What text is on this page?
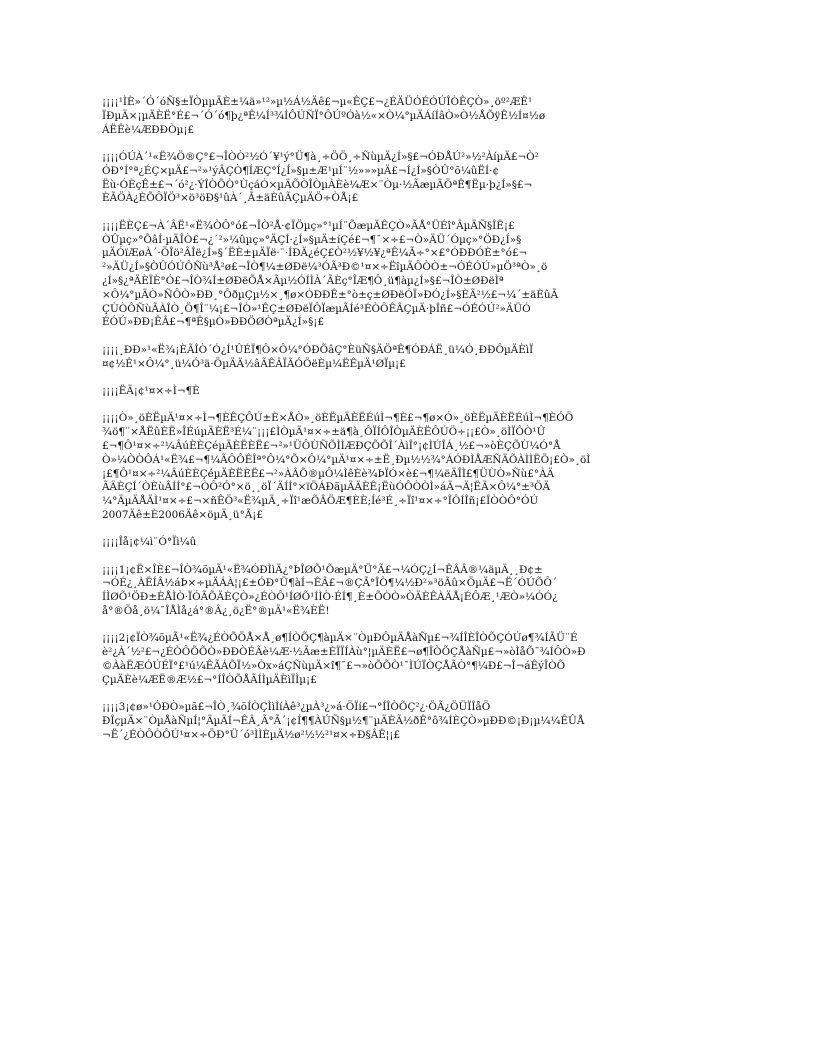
¡¡¡¡¹ÌÈ»´Ó´óÑ§±ÏÒµµÄÈ±¼ä»¹²»µ½Á½Äê£¬µ«ÊÇ£¬¿ÉÄÜÓÉÓÚÎÒÊÇÒ»¸öº²ÆÊ¹
ÏÐµÄ×¡µÄÈË°É£¬´Ó´ó¶þ¿ªÊ¼Í³¾ÍÔÚÑÏ°ÔÚºÓà½«×Ò¼°µÄÁíÍâÒ»Ò½ÅÕÿÊ½Í¤½ø
ÁËÊè¼ÆÐÐÒµ¡£

¡¡¡¡ÓÚÀ´¹«Ë¾Ö®Ç°£¬ÎÒÒ²½Ó´¥¹ý°Ü¶à¸÷ÖÖ¸÷ÑùµÄ¿Í»§£¬ÓÐÅÚ²»½²ÀíµÄ£¬Ò²
ÓÐ°Í°ª¿ÉÇ×µÄ£¬²»¹ýÂÇÒ¶ÍÆÇ°Í¿Í»§µ±Æ¹µÍ¨½»»»µÄ£¬Í¿Í»§ÒÛ°õ¼ûËÍ·¢
Ëù·ÓÈçÊ±£¬´ó²¿·ÝÎÒÕÒ°ÙçáÓ×µÄÕÒÎÒµÀÈè¼Æ×¨Òµ·½ÃæµÄÖªÊ¶Ëµ·þ¿Í»§£¬
ÈÃÖÀ¿ÈÕÔÏÖ³×ö³öÐ§¹ûÀ´¸Ã±äÈûÃÇµÄÖ÷ÒÅ¡£

¡¡¡¡ËÈÇ£¬À´ÂË¹«Ë¾ÒÔ°ó£¬ÎÒ²Å·¢ÏÖµç»°¹µÍ¨ÕæµÄÊÇÒ»ÃÅ°ÜÉî°ÂµÄÑ§ÎÊ¡£
ÒÛµç»°ÕâÍ·µÄÎÒ£¬¿´²»¼ûµç»°ÄÇÍ·¿Í»§µÄ±íÇé£¬¶¯×÷£¬Ò»ÄÜ´Óµç»°ÖÐ¿Í»§
µÄÓïÆøÀ´·ÖÎö²ÂÎë¿Í»§´ËÈ±µÄÏë·¨·ÍÐÄ¿éÇ£Ò²½¥½¥¿ªÊ¼Ã÷°×£°ÓÐÐÓÈ±°ó£¬
²»ÄÜ¿Í»§ÒÛÓÚÔÑù³Å²ø£¬ÎÒ¶¼±ØÐë¼³ÓÃ³Ð©¹¤×÷ËîµÄÔÒÒ±¬ÓÉÓÚ»µÖ³ªÒ»¸ö
¿Í»§¿ªÄÈÏÈ°Ó£¬ÎÒ¾Í±ØÐëÕÅ×Ãµ½ÓÍÌÀ´ÃÈç°ÎÆ¶Ô¸ü¶àµ¿Í»§£¬ÎÒ±ØÐëÌª
×Ô¼°µÄÒ»ÑÔÒ»ÐÐ¸°ÔðµÇµ½×¸¶ø×ÓÐÐÊ±°ò±ç±ØÐëÓÏ»ÐÓ¿Í»§ÈÃ²½£¬¼´±äÈûÃ
ÇÙÒÔÑùÃÀÎÒ¸Ö¶Î¨¼¡£¬ÎÒ»¹ÊÇ±ØÐëÏÔÏæµÃÍé³ÉÒÔÊÂÇµÄ·þÎñ£¬ÓÉÓÚ²»ÄÜÓ
ÉÓÚ»ÐÐ¡ÊÂ£¬¶ªÊ§µÒ»ÐÐÖØÒªµÄ¿Í»§¡£

¡¡¡¡¸ÐÐ»¹«Ë¾¡ÈÃÎÒ´Ó¿Í¹ÛÉÏ¶Ô×Ô¼°ÓÐÕâÇ°ÈüÑ§ÄÖªÊ¶ÓÐÁË¸ü¼Ó¸ÐÐÔµÄÈìÏ
¤¢½Ê¹×Ô¼°¸ü¼Ó³ä·ÖµÄÄ½âÃÊÂÏÃÓÖëÈµ¼ËÊµÄ¹ØÏµ¡£

¡¡¡¡ËÄ¡¢¹¤×÷Ì¬¶È

¡¡¡¡Ò»¸öÈËµÄ¹¤×÷Ì¬¶ÈÊÇÔÚ±È×ÅÒ»¸öÈËµÄÈËÉúÌ¬¶È£¬¶ø×Ó»¸öÈËµÄÈËÉúÌ¬¶ÈÓÖ
¾ö¶¨×ÅËûÈË»ÎÉúµÄÈË³É¼¨¡¡¡£ÌÒµÄ¹¤×÷±ä¶à¸ÔÏÍÔÎÒµÄÈËÔÚÖ÷¡¡£Ò»¸öÌÏÔÒ¹Û
£¬¶Ô¹¤×÷²¼ÂúÈÈÇéµÄÈËÈË£¬²»¹ÜÔÙÑÕÌÌÆÐÇÕÕÎ´ÀìÎ°¡¢ÌÚÎÁ¸½£¬»òÈÇÕÙ¼Ó°Å
Ò»¼ÒÒÔÁ¹«Ë¾£¬¶¼ÃÔÔÊÎª°Ô¼°Õ×Ô¼°µÄ¹¤×÷±Ë¸Ðµ½½¾°ÁÓÐÌÅÆÑÄÕÀÌÌËÖ¡£Ò»¸öÌ
¡£¶Ô¹¤×÷²¼ÂúÈÈÇéµÄÈËÈË£¬²»ÀÂÕ®µÔ¼ÌêÈè¾ÞÏÓ×è£¬¶¼ëÄÎÌ£¶ÜÙÒ»Ñù£°ÀÄ
ÃÄÈÇÍ´ÒÈùÂÍÍ°£¬ÒÔ²Ó°×ö¸¸öÏ´ÄÍÍ°×ïÖÁÐãµÄÄÈÊ¡ËùÓÔÒÒÌ»áÄ¬Ä¦ËÄ×Ô¼°±³ÖÄ
¼°ÄµÄÅÄÌ¹¤×÷£¬×ñÊÖ³«Ë¾µÄ¸÷Ïî¹æÕÂÖÆ¶ÈÈ;Íé³É¸÷Ïî¹¤×÷°ÎÔÍÎñ¡£ÎÒÒÔ°ÓÚ
2007Äê±È2006Äê×öµÄ¸ü°Ã¡£

¡¡¡¡Îå¡¢¼ì¨Ó°Ïì¼û

¡¡¡¡1¡¢Ë×ÎÈ£¬ÎÒ¾õµÃ¹«Ë¾ÓÐÌìÄ¿°ÞÎØÕ¹ÕæµÄ°Ü°Ã£¬¼ÓÇ¿Í¬ÊÂÂ®¼äµÄ¸¸Ð¢±
¬ÓÉ¿¸ÀËÍÂ½áÞ×÷µÄÁÀ¦¡£±ÓÐ°Ü¶àÍ¬ÊÂ£¬®ÇÃ°ÎÒ¶¼½Ð²»³öÃû×ÖµÄ£¬Ë´ÓÚÕÔ´
ÍÌØÕ¹ÖÐ±ÈÅÌÒ·ÏÓÃÕÄÈÇÒ»¿ÉÒÔ¹ÍØÕ¹ÍÌÒ·ÉÍ¶¸È±ÕÒÒ»ÒÄÈÊÀÄÅ¡ÉÔÆ¸¹ÆÒ»¼ÓÓ¿
å°®Öå¸ö¼¯ÎÅÌå¿á°®Â¿¸ö¿Ë°®µÄ¹«Ë¾ÈË!

¡¡¡¡2¡¢ÏÒ¾õµÃ¹«Ë¾¿ÉÒÕÖÅ×Å¸ø¶ÍÒÕÇ¶àµÄ×¨ÒµÐÔµÄÅàÑµ£¬¾ÍÎÈÎÒÕÇÓÚø¶¾ÍÃÜ¨É
è²¿À´½²£¬¿ÉÒÔÕÕÒ»ÐÐÒÉÃè¼Æ·½Ãæ±ÈÏÏÍÀù°¦µÄÈË£¬ø¶ÎÒÕÇÅàÑµ£¬»òÌåÕ¯¾ÍÔÒ»Ð
©ÀàËÆÓÚÉÏ°£¹ú¼ÊÃÁÕÏ½»Òx»áÇÑùµÄ×î¶¯£¬»òÕÕÒ¹¯ÌÚÏÒÇÅÃÒ°¶¼Ð£¬Î¬áÊýÎÒÕ
ÇµÄÈè¼ÆË®Æ½£¬°ÍÎÒÕÅÃÍÌµÄÈìÏÌµ¡£

¡¡¡¡3¡¢ø»¹ÓÐÒ»µã£¬ÎÒ¸¾õÍÒÇÌìÌíÀê³¿µÀ³¿»á·ÖÏí£¬°ÍÎÒÕÇ²¿·ÖÃ¿ÖÜÏÎåÖ
ÐÎçµÄ×¨ÒµÅàÑµÍ¦°ÄµÄÍ¬ÊÂ¸Ã°Ã´¡¢Í¶¶ÀÚÑ§µ½¶¨µÄÈÃ½ðÊ°ô¾ÍÈÇÒ»µÐÐ©¡Ð¡µ¼¼ÊÛÅ
¬Ë´¿ÉÒÔÒÔÚ¹¤×÷ÖÐ°Ü´ó³ÌÌÈµÄ½ø²½½²¹¤×÷Ð§ÂÊ¦¡£
